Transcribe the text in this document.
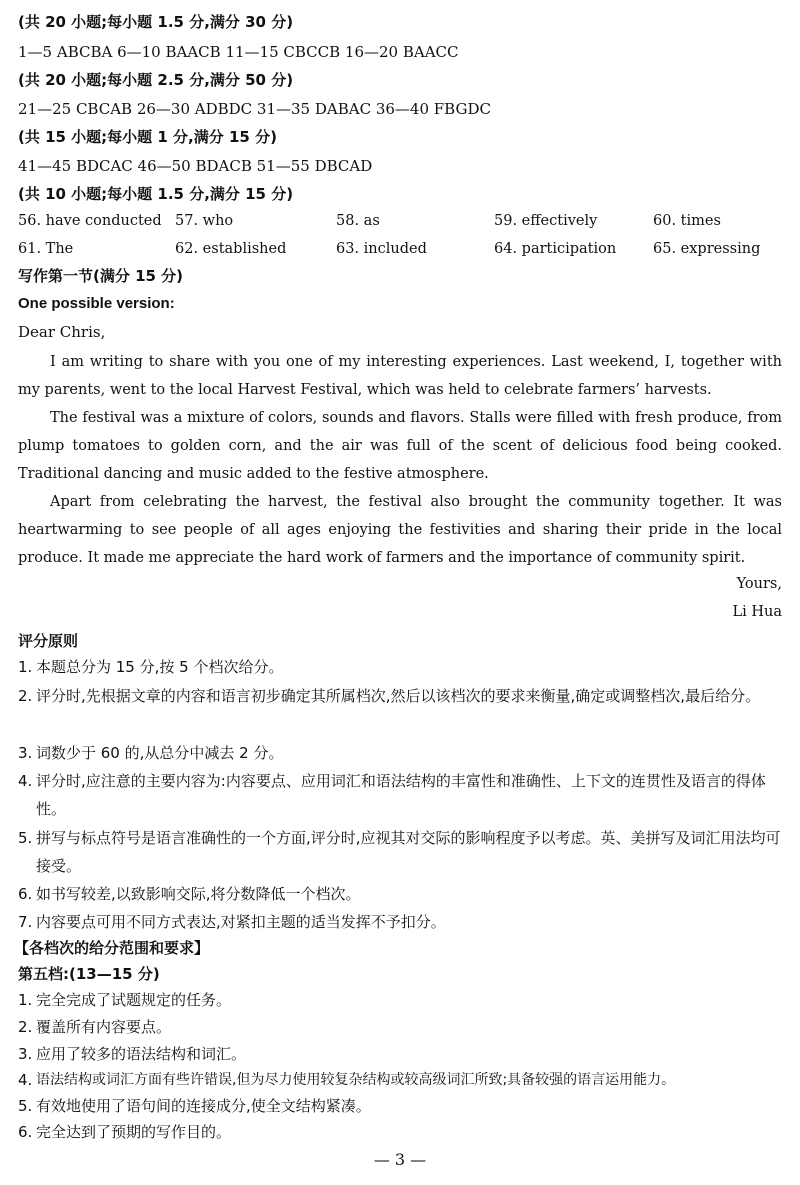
(共 20 小题;每小题 1.5 分,满分 30 分)
1—5 ABCBA 6—10 BAACB 11—15 CBCCB 16—20 BAACC
(共 20 小题;每小题 2.5 分,满分 50 分)
21—25 CBCAB 26—30 ADBDC 31—35 DABAC 36—40 FBGDC
(共 15 小题;每小题 1 分,满分 15 分)
41—45 BDCAC 46—50 BDACB 51—55 DBCAD
(共 10 小题;每小题 1.5 分,满分 15 分)
56. have conducted 57. who	58. as	59. effectively	60. times
61. The	62. established	63. included	64. participation	65. expressing
写作第一节(满分 15 分)
One possible version:
Dear Chris,
I am writing to share with you one of my interesting experiences. Last weekend, I, together with my parents, went to the local Harvest Festival, which was held to celebrate farmers’ harvests.
The festival was a mixture of colors, sounds and flavors. Stalls were filled with fresh produce, from plump tomatoes to golden corn, and the air was full of the scent of delicious food being cooked. Traditional dancing and music added to the festive atmosphere.
Apart from celebrating the harvest, the festival also brought the community together. It was heartwarming to see people of all ages enjoying the festivities and sharing their pride in the local produce. It made me appreciate the hard work of farmers and the importance of community spirit.
Yours,
Li Hua
评分原则
1. 本题总分为 15 分,按 5 个档次给分。
2. 评分时,先根据文章的内容和语言初步确定其所属档次,然后以该档次的要求来衡量,确定或调整档次,最后给分。
3. 词数少于 60 的,从总分中减去 2 分。
4. 评分时,应注意的主要内容为:内容要点、应用词汇和语法结构的丰富性和准确性、上下文的连贯性及语言的得体性。
5. 拼写与标点符号是语言准确性的一个方面,评分时,应视其对交际的影响程度予以考虑。英、美拼写及词汇用法均可接受。
6. 如书写较差,以致影响交际,将分数降低一个档次。
7. 内容要点可用不同方式表达,对紧扣主题的适当发挥不予扣分。
【各档次的给分范围和要求】
第五档:(13—15 分)
1. 完全完成了试题规定的任务。
2. 覆盖所有内容要点。
3. 应用了较多的语法结构和词汇。
4. 语法结构或词汇方面有些许错误,但为尽力使用较复杂结构或较高级词汇所致;具备较强的语言运用能力。
5. 有效地使用了语句间的连接成分,使全文结构紧凑。
6. 完全达到了预期的写作目的。
— 3 —
